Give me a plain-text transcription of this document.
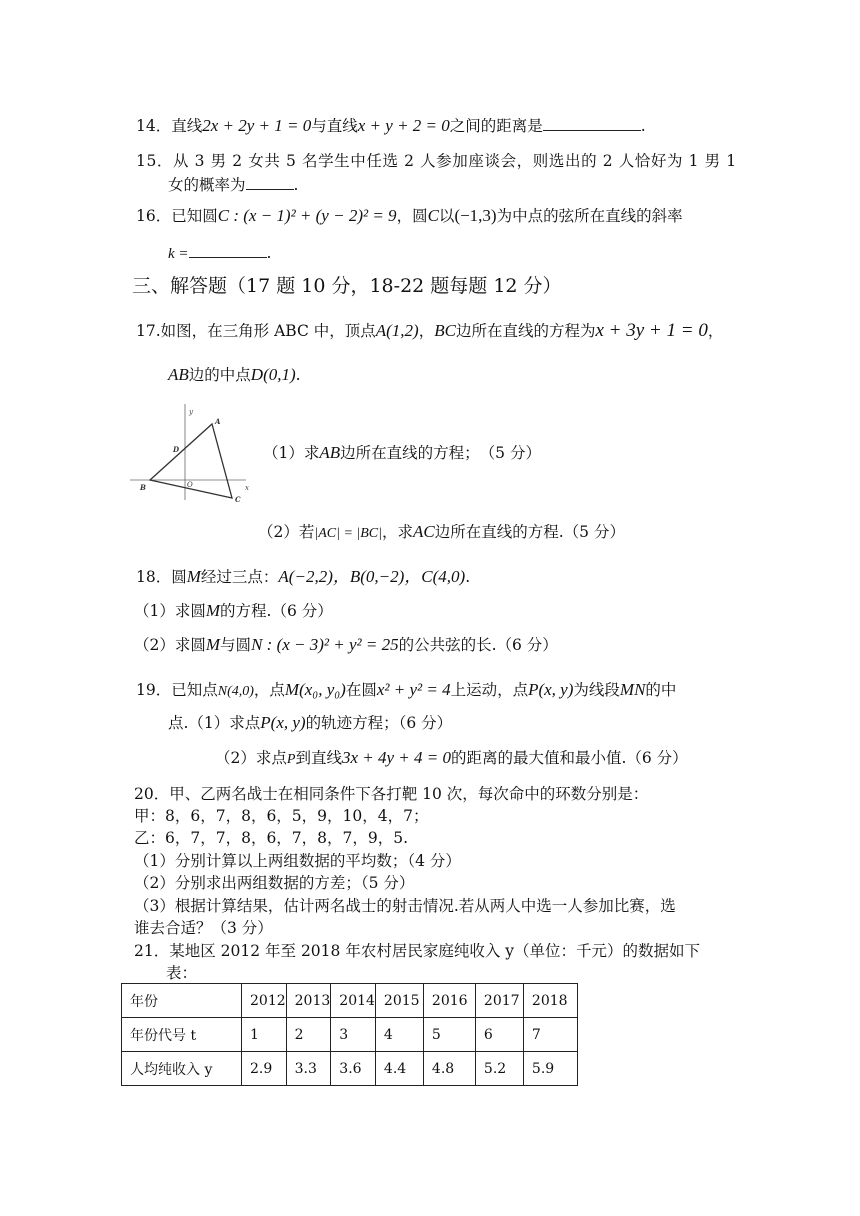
14．直线2x + 2y + 1 = 0与直线x + y + 2 = 0之间的距离是	.
15．从 3 男 2 女共 5 名学生中任选 2 人参加座谈会，则选出的 2 人恰好为 1 男 1
女的概率为	.
16．已知圆C : (x − 1)² + (y − 2)² = 9，圆C以(−1,3)为中点的弦所在直线的斜率
k =	.
三、解答题（17 题 10 分，18-22 题每题 12 分）
17.如图，在三角形 ABC 中，顶点A(1,2)，BC边所在直线的方程为x + 3y + 1 = 0，
AB边的中点D(0,1).
y
x
A
B
C
D
O
（1）求AB边所在直线的方程；　（5 分）
（2）若|AC| = |BC|，求AC边所在直线的方程.（5 分）
18．圆M经过三点：A(−2,2)，B(0,−2)，C(4,0).
（1）求圆M的方程.（6 分）
（2）求圆M与圆N : (x − 3)² + y² = 25的公共弦的长.（6 分）
19．已知点N(4,0)，点M(x₀, y₀)在圆x² + y² = 4上运动，点P(x, y)为线段MN的中
点.（1）求点P(x, y)的轨迹方程；（6 分）
（2）求点P到直线3x + 4y + 4 = 0的距离的最大值和最小值.（6 分）
20．甲、乙两名战士在相同条件下各打靶 10 次，每次命中的环数分别是：
甲：8，6，7，8，6，5，9，10，4，7；
乙：6，7，7，8，6，7，8，7，9，5.
（1）分别计算以上两组数据的平均数；（4 分）
（2）分别求出两组数据的方差；（5 分）
（3）根据计算结果，估计两名战士的射击情况.若从两人中选一人参加比赛，选
谁去合适？（3 分）
21．某地区 2012 年至 2018 年农村居民家庭纯收入 y（单位：千元）的数据如下
表：
年份	2012	2013	2014	2015	2016	2017	2018
年份代号 t	1	2	3	4	5	6	7
人均纯收入 y	2.9	3.3	3.6	4.4	4.8	5.2	5.9
